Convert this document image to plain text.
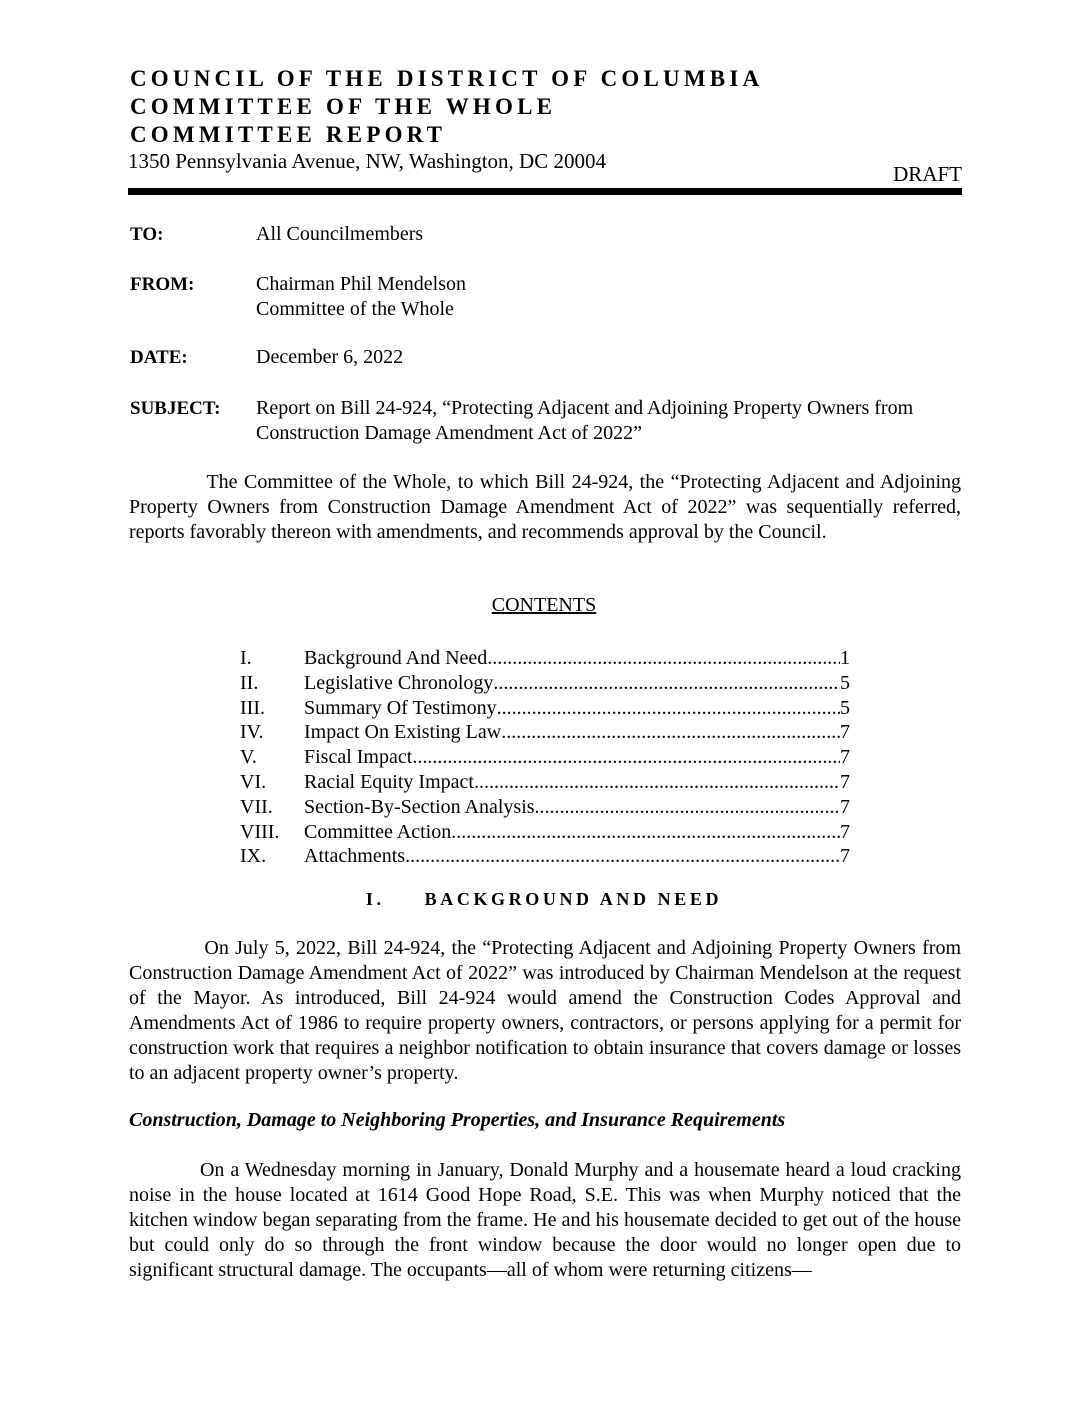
COUNCIL OF THE DISTRICT OF COLUMBIA
COMMITTEE OF THE WHOLE
COMMITTEE REPORT
1350 Pennsylvania Avenue, NW, Washington, DC 20004
DRAFT
TO:	All Councilmembers
FROM:	Chairman Phil Mendelson
Committee of the Whole
DATE:	December 6, 2022
SUBJECT: Report on Bill 24-924, “Protecting Adjacent and Adjoining Property Owners from
Construction Damage Amendment Act of 2022”
The Committee of the Whole, to which Bill 24-924, the “Protecting Adjacent and Adjoining Property Owners from Construction Damage Amendment Act of 2022” was sequentially referred, reports favorably thereon with amendments, and recommends approval by the Council.
CONTENTS
I.	Background And Need .....	1
II.	Legislative Chronology .....	5
III.	Summary Of Testimony .....	5
IV.	Impact On Existing Law .....	7
V.	Fiscal Impact .....	7
VI.	Racial Equity Impact .....	7
VII.	Section-By-Section Analysis .....	7
VIII.	Committee Action .....	7
IX.	Attachments .....	7
I. BACKGROUND AND NEED
On July 5, 2022, Bill 24-924, the “Protecting Adjacent and Adjoining Property Owners from Construction Damage Amendment Act of 2022” was introduced by Chairman Mendelson at the request of the Mayor. As introduced, Bill 24-924 would amend the Construction Codes Approval and Amendments Act of 1986 to require property owners, contractors, or persons applying for a permit for construction work that requires a neighbor notification to obtain insurance that covers damage or losses to an adjacent property owner’s property.
Construction, Damage to Neighboring Properties, and Insurance Requirements
On a Wednesday morning in January, Donald Murphy and a housemate heard a loud cracking noise in the house located at 1614 Good Hope Road, S.E. This was when Murphy noticed that the kitchen window began separating from the frame. He and his housemate decided to get out of the house but could only do so through the front window because the door would no longer open due to significant structural damage. The occupants—all of whom were returning citizens—
